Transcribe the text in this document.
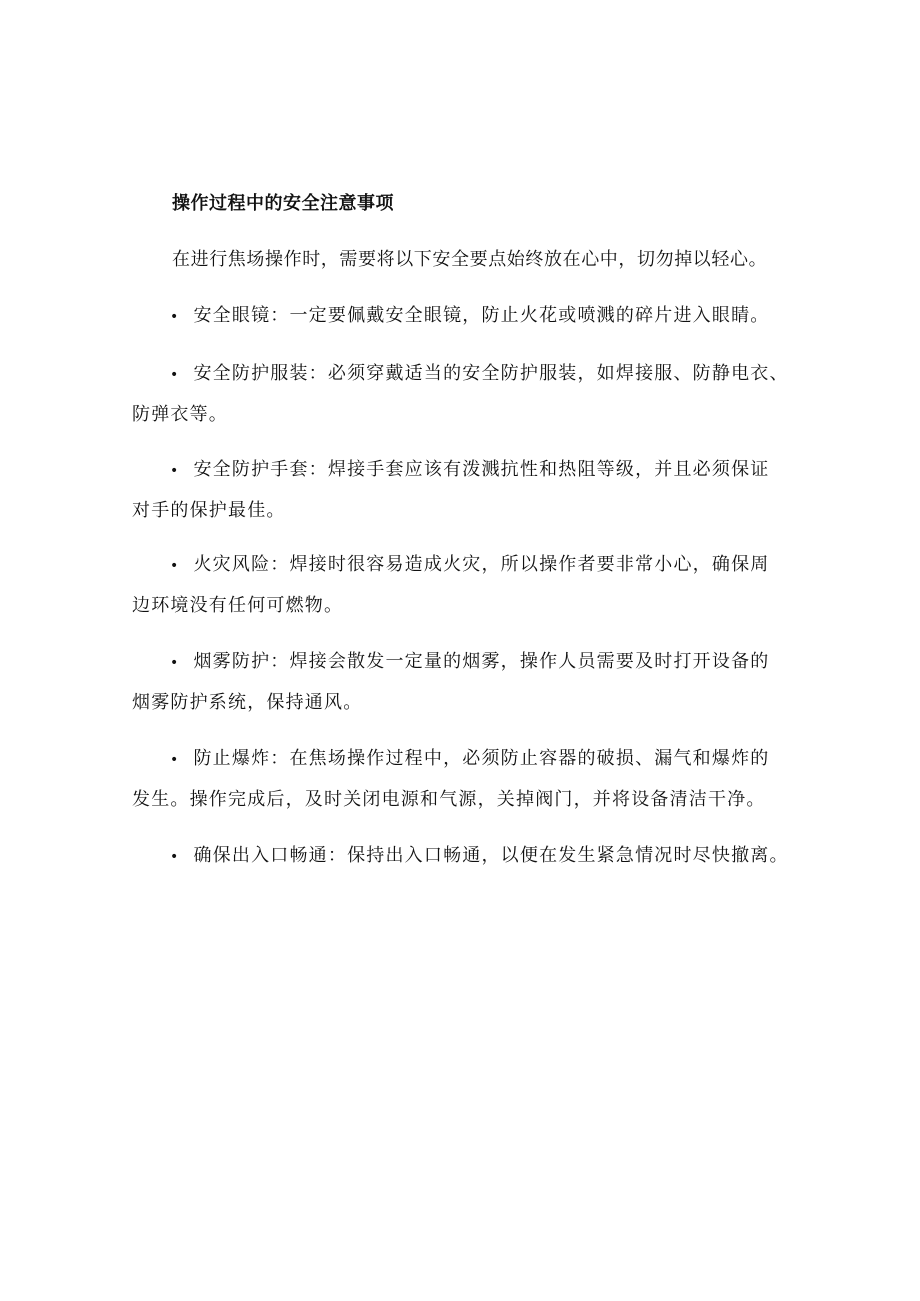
操作过程中的安全注意事项
在进行焦场操作时，需要将以下安全要点始终放在心中，切勿掉以轻心。
• 安全眼镜：一定要佩戴安全眼镜，防止火花或喷溅的碎片进入眼睛。
• 安全防护服装：必须穿戴适当的安全防护服装，如焊接服、防静电衣、
防弹衣等。
• 安全防护手套：焊接手套应该有泼溅抗性和热阻等级，并且必须保证
对手的保护最佳。
• 火灾风险：焊接时很容易造成火灾，所以操作者要非常小心，确保周
边环境没有任何可燃物。
• 烟雾防护：焊接会散发一定量的烟雾，操作人员需要及时打开设备的
烟雾防护系统，保持通风。
• 防止爆炸：在焦场操作过程中，必须防止容器的破损、漏气和爆炸的
发生。操作完成后，及时关闭电源和气源，关掉阀门，并将设备清洁干净。
• 确保出入口畅通：保持出入口畅通，以便在发生紧急情况时尽快撤离。
